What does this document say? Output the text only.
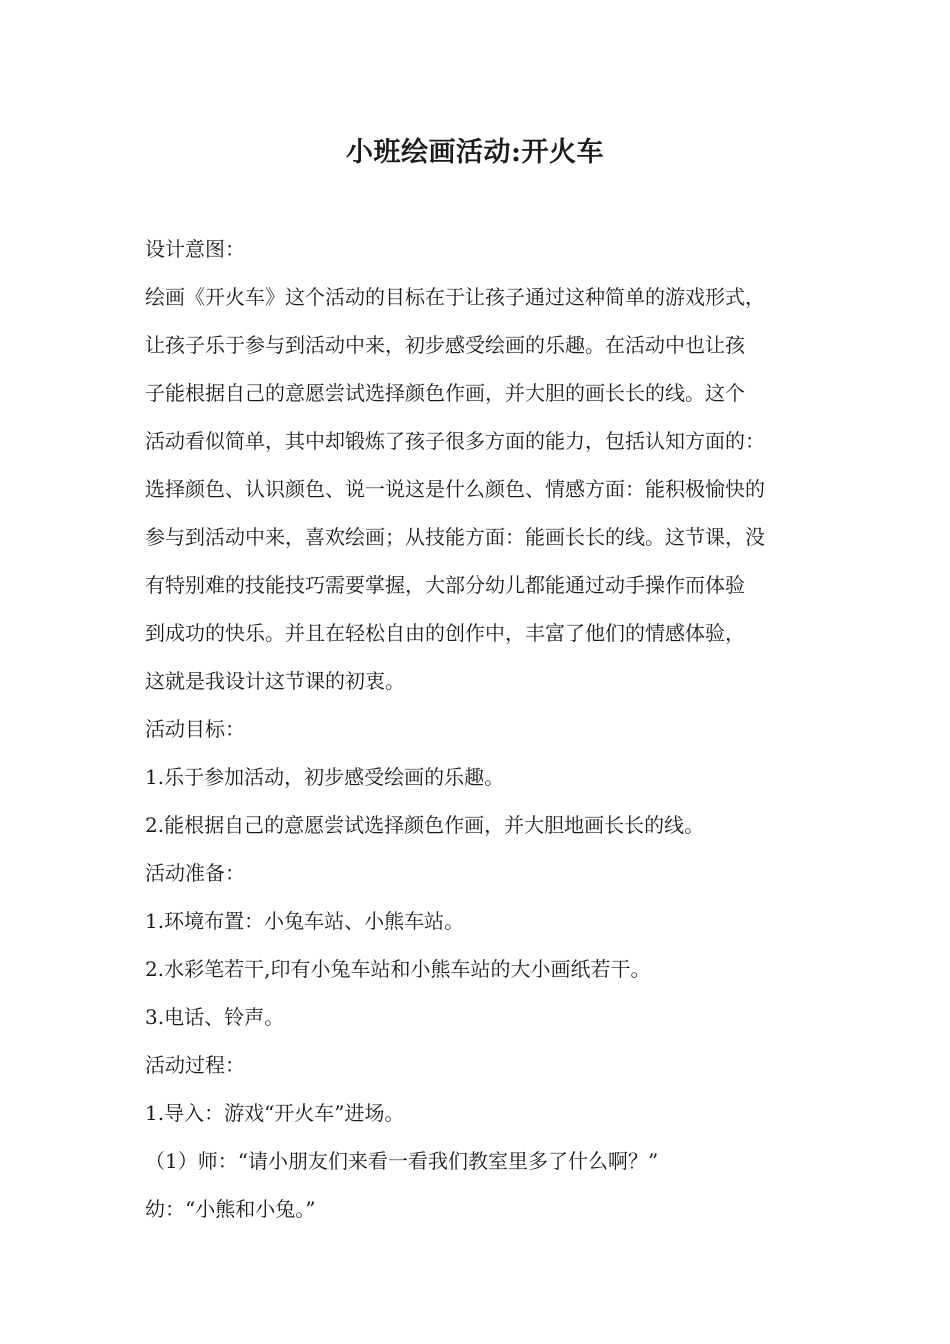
小班绘画活动:开火车

设计意图：

绘画《开火车》这个活动的目标在于让孩子通过这种简单的游戏形式，

让孩子乐于参与到活动中来，初步感受绘画的乐趣。在活动中也让孩

子能根据自己的意愿尝试选择颜色作画，并大胆的画长长的线。这个

活动看似简单，其中却锻炼了孩子很多方面的能力，包括认知方面的：

选择颜色、认识颜色、说一说这是什么颜色、情感方面：能积极愉快的

参与到活动中来，喜欢绘画；从技能方面：能画长长的线。这节课，没

有特别难的技能技巧需要掌握，大部分幼儿都能通过动手操作而体验

到成功的快乐。并且在轻松自由的创作中，丰富了他们的情感体验，

这就是我设计这节课的初衷。

活动目标：

1.乐于参加活动，初步感受绘画的乐趣。

2.能根据自己的意愿尝试选择颜色作画，并大胆地画长长的线。

活动准备：

1.环境布置：小兔车站、小熊车站。

2.水彩笔若干,印有小兔车站和小熊车站的大小画纸若干。

3.电话、铃声。

活动过程：

1.导入：游戏“开火车”进场。

（1）师：“请小朋友们来看一看我们教室里多了什么啊？”

幼：“小熊和小兔。”
